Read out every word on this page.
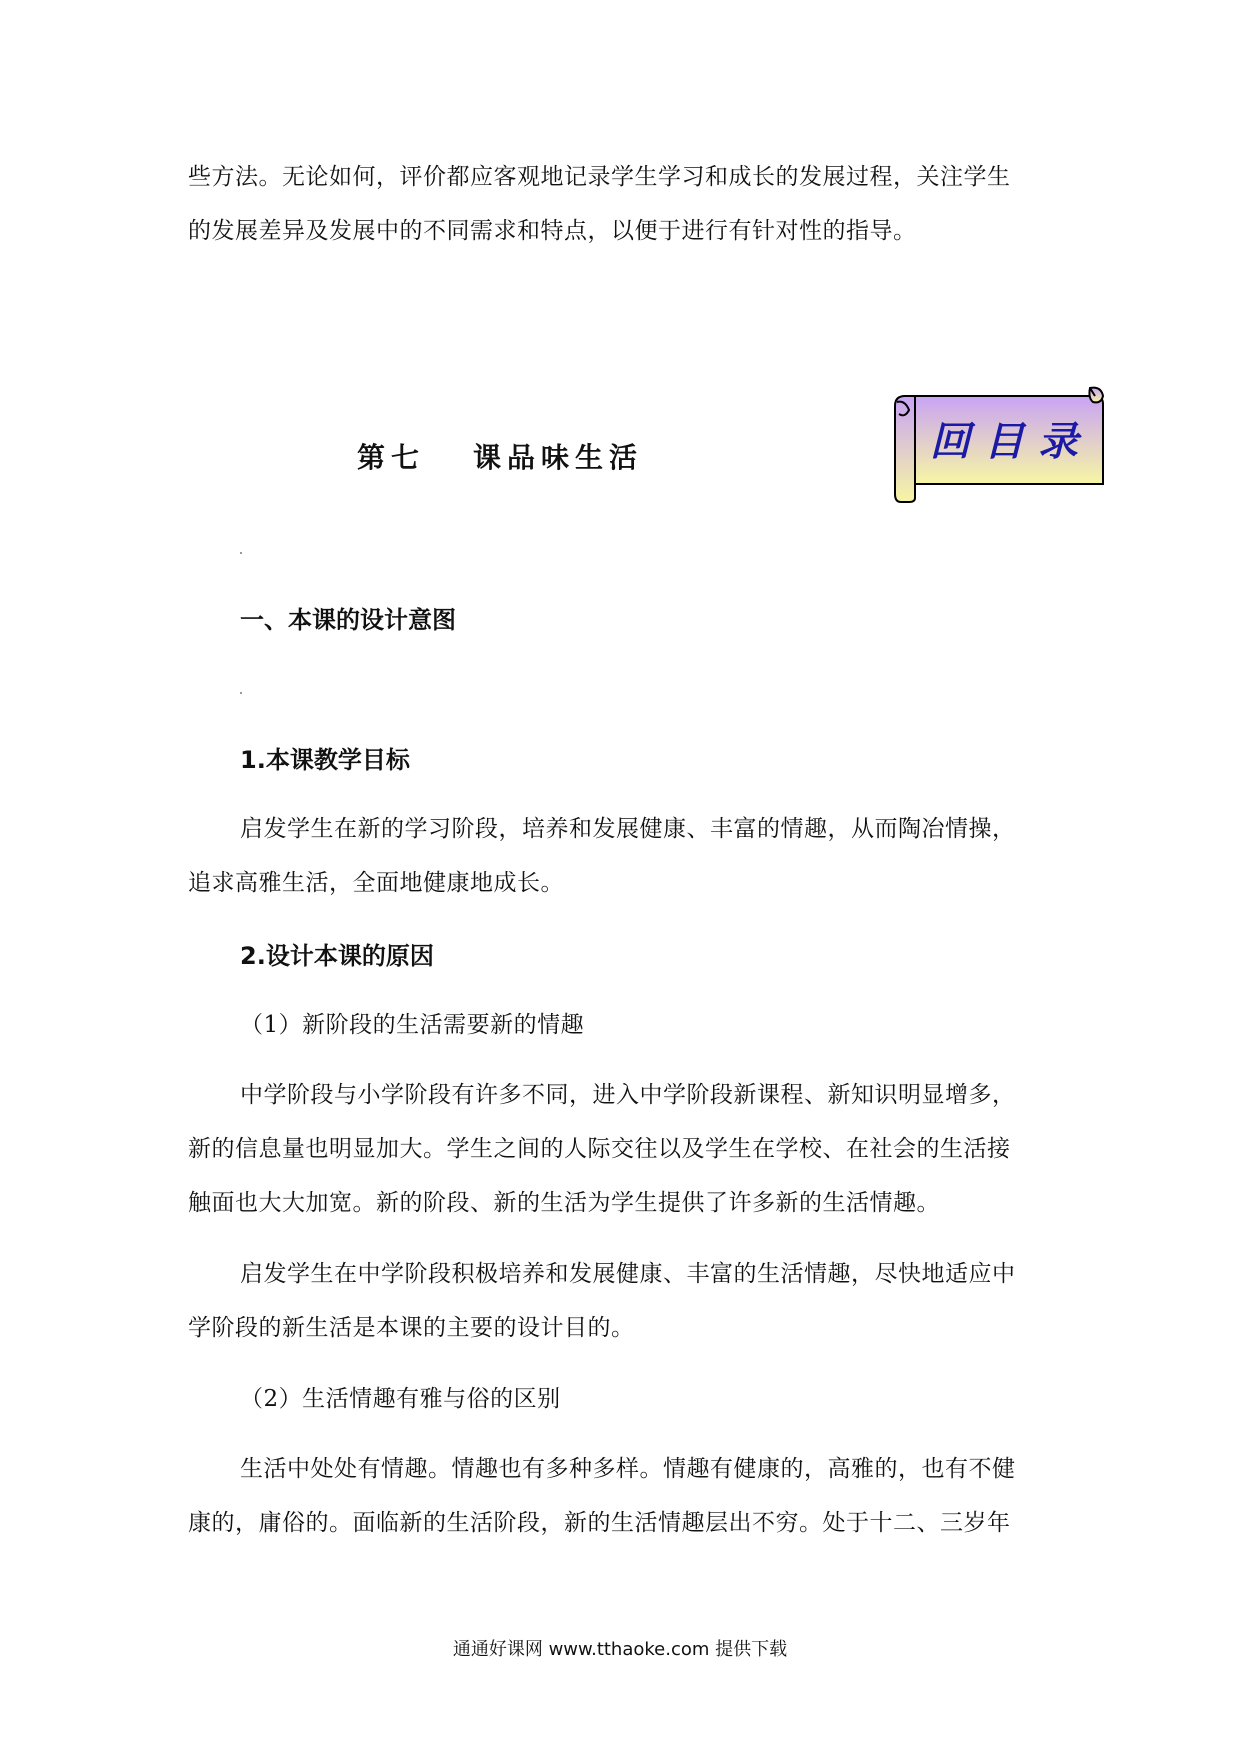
些方法。无论如何，评价都应客观地记录学生学习和成长的发展过程，关注学生
的发展差异及发展中的不同需求和特点，以便于进行有针对性的指导。
第七 课品味生活	回目录
一、本课的设计意图
1.本课教学目标
启发学生在新的学习阶段，培养和发展健康、丰富的情趣，从而陶冶情操，
追求高雅生活，全面地健康地成长。
2.设计本课的原因
（1）新阶段的生活需要新的情趣
中学阶段与小学阶段有许多不同，进入中学阶段新课程、新知识明显增多，
新的信息量也明显加大。学生之间的人际交往以及学生在学校、在社会的生活接
触面也大大加宽。新的阶段、新的生活为学生提供了许多新的生活情趣。
启发学生在中学阶段积极培养和发展健康、丰富的生活情趣，尽快地适应中
学阶段的新生活是本课的主要的设计目的。
（2）生活情趣有雅与俗的区别
生活中处处有情趣。情趣也有多种多样。情趣有健康的，高雅的，也有不健
康的，庸俗的。面临新的生活阶段，新的生活情趣层出不穷。处于十二、三岁年
通通好课网 www.tthaoke.com 提供下载
